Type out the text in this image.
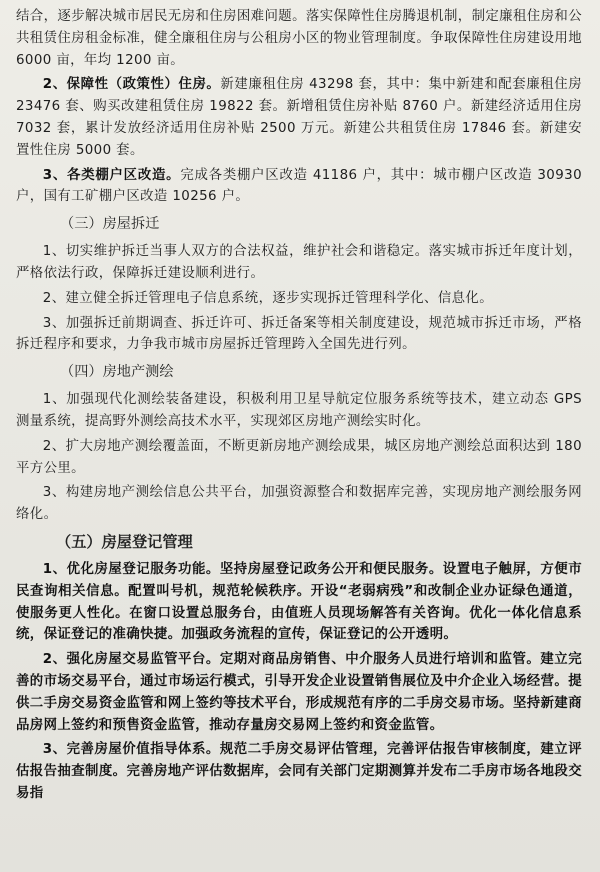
结合，逐步解决城市居民无房和住房困难问题。落实保障性住房腾退机制，制定廉租住房和公共租赁住房租金标准，健全廉租住房与公租房小区的物业管理制度。争取保障性住房建设用地 6000 亩，年均 1200 亩。

2、保障性（政策性）住房。新建廉租住房 43298 套，其中：集中新建和配套廉租住房 23476 套、购买改建租赁住房 19822 套。新增租赁住房补贴 8760 户。新建经济适用住房 7032 套，累计发放经济适用住房补贴 2500 万元。新建公共租赁住房 17846 套。新建安置性住房 5000 套。

3、各类棚户区改造。完成各类棚户区改造 41186 户，其中：城市棚户区改造 30930 户，国有工矿棚户区改造 10256 户。

（三）房屋拆迁

1、切实维护拆迁当事人双方的合法权益，维护社会和谐稳定。落实城市拆迁年度计划，严格依法行政，保障拆迁建设顺利进行。

2、建立健全拆迁管理电子信息系统，逐步实现拆迁管理科学化、信息化。

3、加强拆迁前期调查、拆迁许可、拆迁备案等相关制度建设，规范城市拆迁市场，严格拆迁程序和要求，力争我市城市房屋拆迁管理跨入全国先进行列。

（四）房地产测绘

1、加强现代化测绘装备建设，积极利用卫星导航定位服务系统等技术，建立动态 GPS 测量系统，提高野外测绘高技术水平，实现郊区房地产测绘实时化。

2、扩大房地产测绘覆盖面，不断更新房地产测绘成果，城区房地产测绘总面积达到 180 平方公里。

3、构建房地产测绘信息公共平台，加强资源整合和数据库完善，实现房地产测绘服务网络化。

（五）房屋登记管理

1、优化房屋登记服务功能。坚持房屋登记政务公开和便民服务。设置电子触屏，方便市民查询相关信息。配置叫号机，规范轮候秩序。开设“老弱病残”和改制企业办证绿色通道，使服务更人性化。在窗口设置总服务台，由值班人员现场解答有关咨询。优化一体化信息系统，保证登记的准确快捷。加强政务流程的宣传，保证登记的公开透明。

2、强化房屋交易监管平台。定期对商品房销售、中介服务人员进行培训和监管。建立完善的市场交易平台，通过市场运行模式，引导开发企业设置销售展位及中介企业入场经营。提供二手房交易资金监管和网上签约等技术平台，形成规范有序的二手房交易市场。坚持新建商品房网上签约和预售资金监管，推动存量房交易网上签约和资金监管。

3、完善房屋价值指导体系。规范二手房交易评估管理，完善评估报告审核制度，建立评估报告抽查制度。完善房地产评估数据库，会同有关部门定期测算并发布二手房市场各地段交易指
